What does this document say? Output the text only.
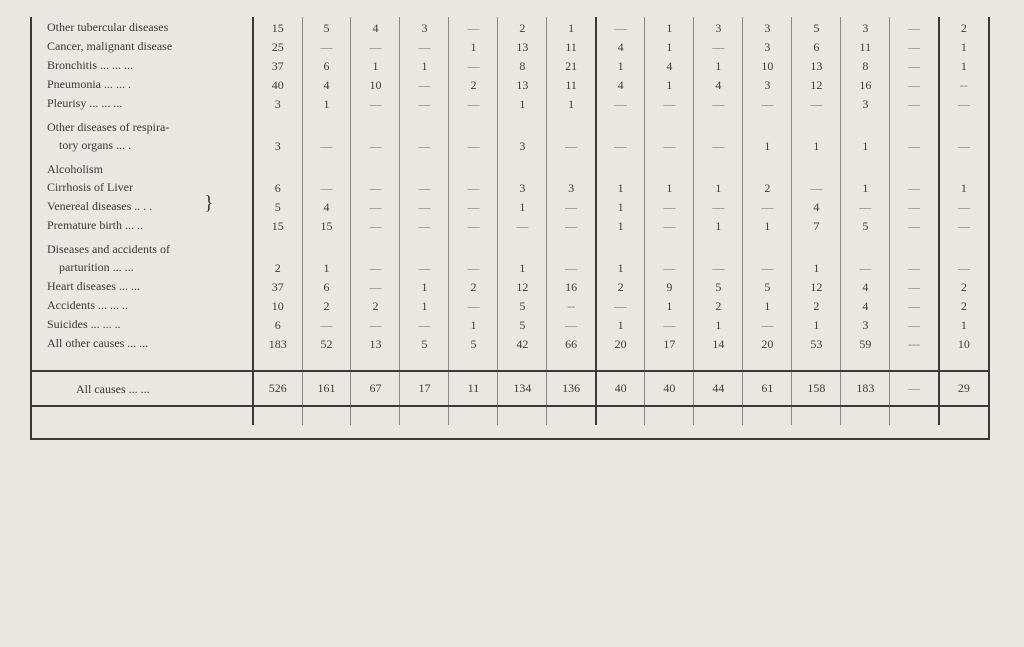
Other tubercular diseases	15	5	4	3	—	2	1	—	1	3	3	5	3	—	2
Cancer, malignant disease	25	—	—	—	1	13	11	4	1	—	3	6	11	—	1
Bronchitis ... ... ...	37	6	1	1	—	8	21	1	4	1	10	13	8	—	1
Pneumonia ... ... .	40	4	10	—	2	13	11	4	1	4	3	12	16	—	--
Pleurisy ... ... ...	3	1	—	—	—	1	1	—	—	—	—	—	3	—	—
Other diseases of respira-

tory organs ... .	3	—	—	—	—	3	—	—	—	—	1	1	1	—	—
Alcoholism

Cirrhosis of Liver	6	—	—	—	—	3	3	1	1	1	2	—	1	—	1
Venereal diseases .. . .	5	4	—	—	—	1	—	1	—	—	—	4	—	—	—
Premature birth ... ..	15	15	—	—	—	—	—	1	—	1	1	7	5	—	—
Diseases and accidents of

parturition ... ...	2	1	—	—	—	1	—	1	—	—	—	1	—	—	—
Heart diseases ... ...	37	6	—	1	2	12	16	2	9	5	5	12	4	—	2
Accidents ... ... ..	10	2	2	1	—	5	--	—	1	2	1	2	4	—	2
Suicides ... ... ..	6	—	—	—	1	5	—	1	—	1	—	1	3	—	1
All other causes ... ...	183	52	13	5	5	42	66	20	17	14	20	53	59	---	10

All causes ... ...	526	161	67	17	11	134	136	40	40	44	61	158	183	—	29

}
